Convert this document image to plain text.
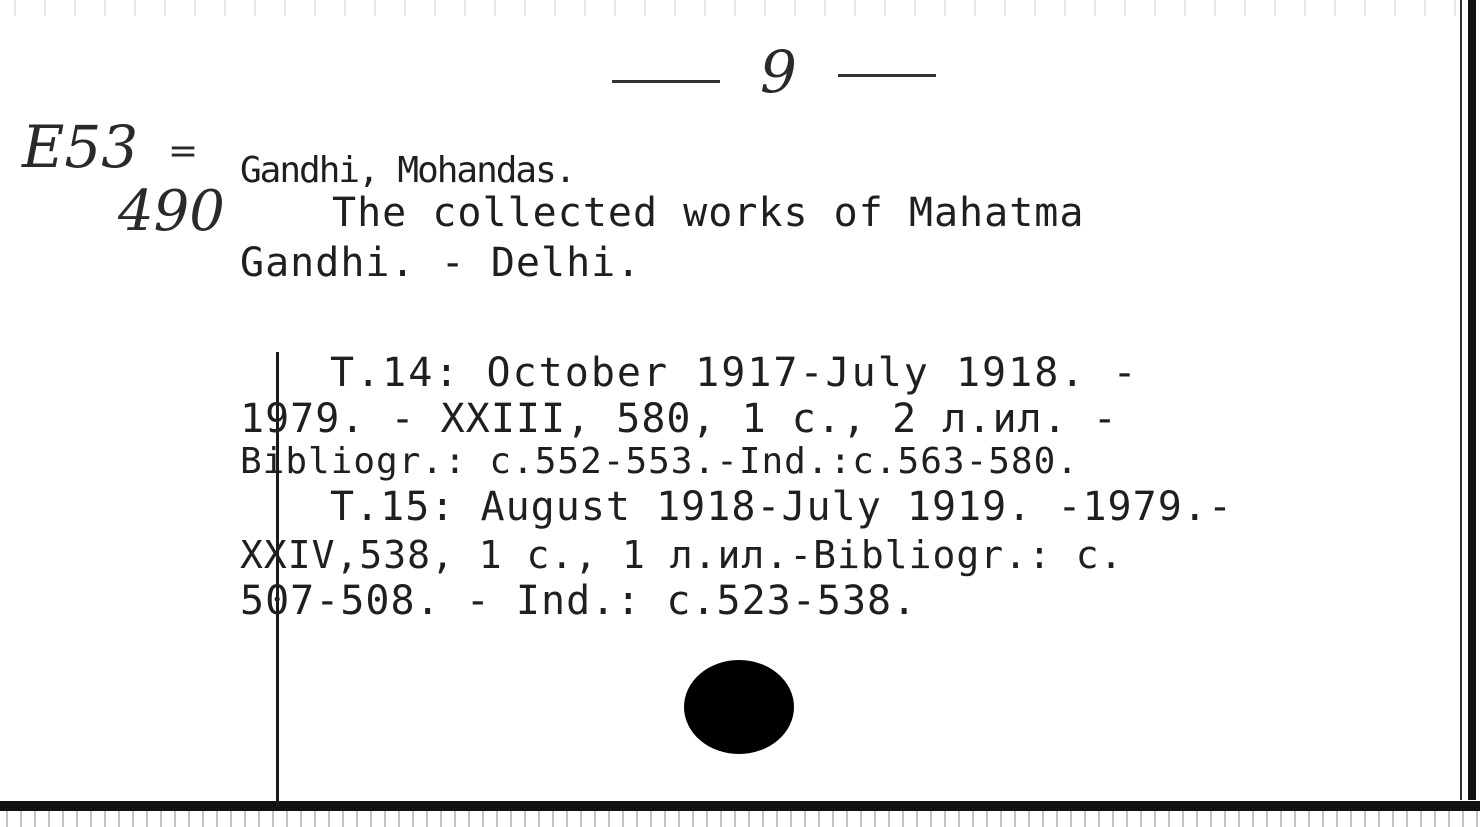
9

E53 =

490

Gandhi, Mohandas.

The collected works of Mahatma

Gandhi. - Delhi.

T.14: October 1917-July 1918. -

1979. - XXIII, 580, 1 c., 2 л.ил. -

Bibliogr.: c.552-553.-Ind.:c.563-580.

T.15: August 1918-July 1919. -1979.-

XXIV,538, 1 c., 1 л.ил.-Bibliogr.: c.

507-508. - Ind.: c.523-538.
